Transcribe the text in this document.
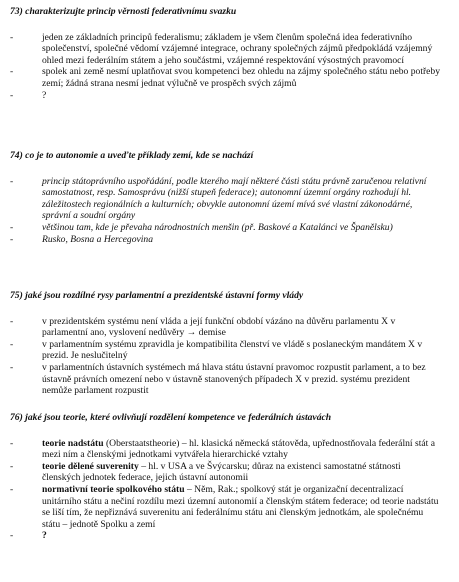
73) charakterizujte princip věrnosti federativnímu svazku
-	jeden ze základních principů federalismu; základem je všem členům společná idea federativního společenství, společné vědomí vzájemné integrace, ochrany společných zájmů předpokládá vzájemný ohled mezi federálním státem a jeho součástmi, vzájemné respektování výsostných pravomocí
-	spolek ani země nesmí uplatňovat svou kompetenci bez ohledu na zájmy společného státu nebo potřeby zemí; žádná strana nesmí jednat výlučně ve prospěch svých zájmů
-	?
74) co je to autonomie a uveďte příklady zemí, kde se nachází
-	princip státoprávního uspořádání, podle kterého mají některé části státu právně zaručenou relativní samostatnost, resp. Samosprávu (nižší stupeň federace); autonomní územní orgány rozhodují hl. záležitostech regionálních a kulturních; obvykle autonomní území mívá své vlastní zákonodárné, správní a soudní orgány
-	většinou tam, kde je převaha národnostních menšin (př. Baskové a Katalánci ve Španělsku)
-	Rusko, Bosna a Hercegovina
75) jaké jsou rozdílné rysy parlamentní a prezidentské ústavní formy vlády
-	v prezidentském systému není vláda a její funkční období vázáno na důvěru parlamentu X v parlamentní ano, vyslovení nedůvěry → demise
-	v parlamentním systému zpravidla je kompatibilita členství ve vládě s poslaneckým mandátem X v prezid. Je neslučitelný
-	v parlamentních ústavních systémech má hlava státu ústavní pravomoc rozpustit parlament, a to bez ústavně právních omezení nebo v ústavně stanovených případech X v prezid. systému prezident nemůže parlament rozpustit
76) jaké jsou teorie, které ovlivňují rozdělení kompetence ve federálních ústavách
-	teorie nadstátu (Oberstaatstheorie) – hl. klasická německá státověda, upřednostňovala federální stát a mezi ním a členskými jednotkami vytvářela hierarchické vztahy
-	teorie dělené suverenity – hl. v USA a ve Švýcarsku; důraz na existenci samostatné státnosti členských jednotek federace, jejich ústavní autonomii
-	normativní teorie spolkového státu – Něm, Rak.; spolkový stát je organizační decentralizací unitárního státu a nečiní rozdílu mezi územní autonomií a členským státem federace; od teorie nadstátu se liší tím, že nepřiznává suverenitu ani federálnímu státu ani členským jednotkám, ale společnému státu – jednotě Spolku a zemí
-	?
